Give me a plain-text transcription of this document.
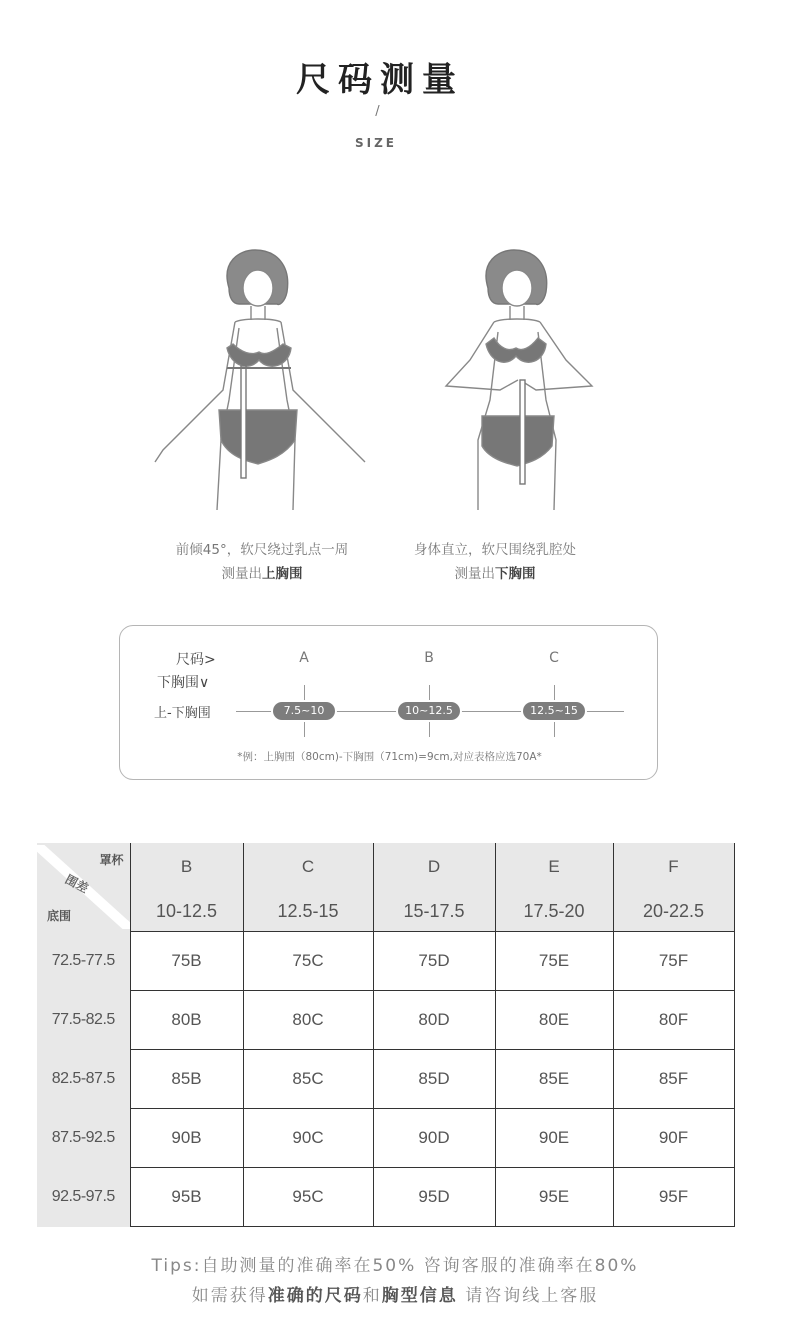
尺码测量
/
SIZE
前倾45°，软尺绕过乳点一周
测量出上胸围
身体直立，软尺围绕乳腔处
测量出下胸围
尺码>
下胸围∨
上-下胸围
A	B	C
7.5~10	10~12.5	12.5~15
*例：上胸围（80cm)-下胸围（71cm)=9cm,对应表格应选70A*
罩杯
围差
底围	B	C	D	E	F
	10-12.5	12.5-15	15-17.5	17.5-20	20-22.5
72.5-77.5	75B	75C	75D	75E	75F
77.5-82.5	80B	80C	80D	80E	80F
82.5-87.5	85B	85C	85D	85E	85F
87.5-92.5	90B	90C	90D	90E	90F
92.5-97.5	95B	95C	95D	95E	95F
Tips:自助测量的准确率在50% 咨询客服的准确率在80%
如需获得准确的尺码和胸型信息 请咨询线上客服
